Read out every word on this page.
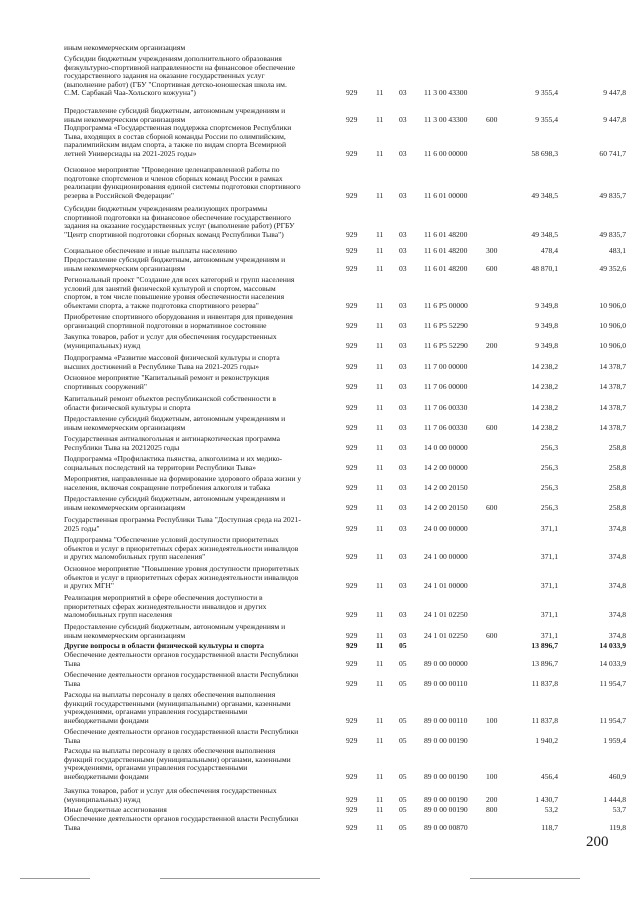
иным некоммерческим организациям
Субсидии бюджетным учреждениям дополнительного образования
физкультурно-спортивной направленности на финансовое обеспечение
государственного задания на оказание государственных услуг
(выполнение работ) (ГБУ "Спортивная детско-юношеская школа им.
С.М. Сарбакай Чаа-Хольского кожууна")	929	11	03	11 3 00 43300	9 355,4	9 447,8
Предоставление субсидий бюджетным, автономным учреждениям и
иным некоммерческим организациям	929	11	03	11 3 00 43300	600	9 355,4	9 447,8
Подпрограмма «Государственная поддержка спортсменов Республики
Тыва, входящих в состав сборной команды России по олимпийским,
паралимпийским видам спорта, а также по видам спорта Всемирной
летней Универсиады на 2021-2025 годы»	929	11	03	11 6 00 00000	58 698,3	60 741,7
Основное мероприятие "Проведение целенаправленной работы по
подготовке спортсменов и членов сборных команд России в рамках
реализации функционирования единой системы подготовки спортивного
резерва в Российской Федерации"	929	11	03	11 6 01 00000	49 348,5	49 835,7
Субсидии бюджетным учреждениям реализующих программы
спортивной подготовки на финансовое обеспечение государственного
задания на оказание государственных услуг (выполнение работ) (РГБУ
"Центр спортивной подготовки сборных команд Республики Тыва")	929	11	03	11 6 01 48200	49 348,5	49 835,7
Социальное обеспечение и иные выплаты населению	929	11	03	11 6 01 48200	300	478,4	483,1
Предоставление субсидий бюджетным, автономным учреждениям и
иным некоммерческим организациям	929	11	03	11 6 01 48200	600	48 870,1	49 352,6
Региональный проект "Создание для всех категорий и групп населения
условий для занятий физической культурой и спортом, массовым
спортом, в том числе повышение уровня обеспеченности населения
объектами спорта, а также подготовка спортивного резерва"	929	11	03	11 6 P5 00000	9 349,8	10 906,0
Приобретение спортивного оборудования и инвентаря для приведения
организаций спортивной подготовки в нормативное состояние	929	11	03	11 6 P5 52290	9 349,8	10 906,0
Закупка товаров, работ и услуг для обеспечения государственных
(муниципальных) нужд	929	11	03	11 6 P5 52290	200	9 349,8	10 906,0
Подпрограмма «Развитие массовой физической культуры и спорта
высших достижений в Республике Тыва на 2021-2025 годы»	929	11	03	11 7 00 00000	14 238,2	14 378,7
Основное мероприятие "Капитальный ремонт и реконструкция
спортивных сооружений"	929	11	03	11 7 06 00000	14 238,2	14 378,7
Капитальный ремонт объектов республиканской собственности в
области физической культуры и спорта	929	11	03	11 7 06 00330	14 238,2	14 378,7
Предоставление субсидий бюджетным, автономным учреждениям и
иным некоммерческим организациям	929	11	03	11 7 06 00330	600	14 238,2	14 378,7
Государственная антиалкогольная и антинаркотическая программа
Республики Тыва на 20212025 годы	929	11	03	14 0 00 00000	256,3	258,8
Подпрограмма «Профилактика пьянства, алкоголизма и их медико-
социальных последствий на территории Республики Тыва»	929	11	03	14 2 00 00000	256,3	258,8
Мероприятия, направленные на формирование здорового образа жизни у
населения, включая сокращение потребления алкоголя и табака	929	11	03	14 2 00 20150	256,3	258,8
Предоставление субсидий бюджетным, автономным учреждениям и
иным некоммерческим организациям	929	11	03	14 2 00 20150	600	256,3	258,8
Государственная программа Республики Тыва "Доступная среда на 2021-
2025 годы"	929	11	03	24 0 00 00000	371,1	374,8
Подпрограмма "Обеспечение условий доступности приоритетных
объектов и услуг в приоритетных сферах жизнедеятельности инвалидов
и других маломобильных групп населения"	929	11	03	24 1 00 00000	371,1	374,8
Основное мероприятие "Повышение уровня доступности приоритетных
объектов и услуг в приоритетных сферах жизнедеятельности инвалидов
и других МГН"	929	11	03	24 1 01 00000	371,1	374,8
Реализация мероприятий в сфере обеспечения доступности в
приоритетных сферах жизнедеятельности инвалидов и других
маломобильных групп населения	929	11	03	24 1 01 02250	371,1	374,8
Предоставление субсидий бюджетным, автономным учреждениям и
иным некоммерческим организациям	929	11	03	24 1 01 02250	600	371,1	374,8
Другие вопросы в области физической культуры и спорта	929	11	05	13 896,7	14 033,9
Обеспечение деятельности органов государственной власти Республики
Тыва	929	11	05	89 0 00 00000	13 896,7	14 033,9
Обеспечение деятельности органов государственной власти Республики
Тыва	929	11	05	89 0 00 00110	11 837,8	11 954,7
Расходы на выплаты персоналу в целях обеспечения выполнения
функций государственными (муниципальными) органами, казенными
учреждениями, органами управления государственными
внебюджетными фондами	929	11	05	89 0 00 00110	100	11 837,8	11 954,7
Обеспечение деятельности органов государственной власти Республики
Тыва	929	11	05	89 0 00 00190	1 940,2	1 959,4
Расходы на выплаты персоналу в целях обеспечения выполнения
функций государственными (муниципальными) органами, казенными
учреждениями, органами управления государственными
внебюджетными фондами	929	11	05	89 0 00 00190	100	456,4	460,9
Закупка товаров, работ и услуг для обеспечения государственных
(муниципальных) нужд	929	11	05	89 0 00 00190	200	1 430,7	1 444,8
Иные бюджетные ассигнования	929	11	05	89 0 00 00190	800	53,2	53,7
Обеспечение деятельности органов государственной власти Республики
Тыва	929	11	05	89 0 00 00870	118,7	119,8
200
